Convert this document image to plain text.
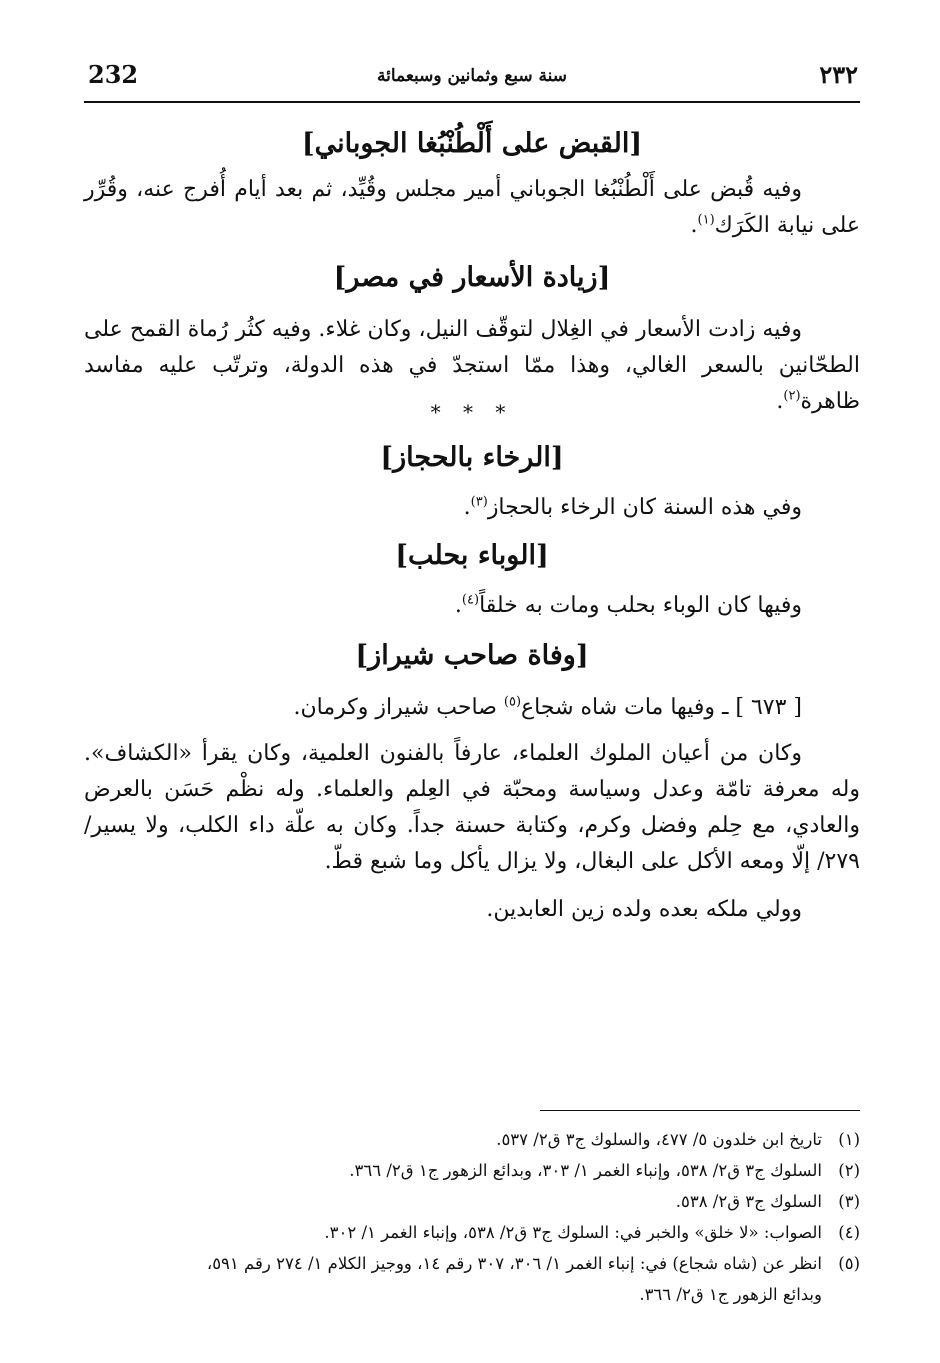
232	سنة سبع وثمانين وسبعمائة	٢٣٢
[القبض على أَلْطُنْبُغا الجوباني]
وفيه قُبض على أَلْطُنْبُغا الجوباني أمير مجلس وقُيِّد، ثم بعد أيام أُفرج عنه، وقُرِّر على نيابة الكَرَك$^{(١)}$.
[زيادة الأسعار في مصر]
وفيه زادت الأسعار في الغِلال لتوقّف النيل، وكان غلاء. وفيه كثُر رُماة القمح على الطحّانين بالسعر الغالي، وهذا ممّا استجدّ في هذه الدولة، وترتّب عليه مفاسد ظاهرة$^{(٢)}$.
* * *
[الرخاء بالحجاز]
وفي هذه السنة كان الرخاء بالحجاز$^{(٣)}$.
[الوباء بحلب]
وفيها كان الوباء بحلب ومات به خلقاً$^{(٤)}$.
[وفاة صاحب شيراز]
[ ٦٧٣ ] ـ وفيها مات شاه شجاع$^{(٥)}$ صاحب شيراز وكرمان.
وكان من أعيان الملوك العلماء، عارفاً بالفنون العلمية، وكان يقرأ «الكشاف». وله معرفة تامّة وعدل وسياسة ومحبّة في العِلم والعلماء. وله نظْم حَسَن بالعرض والعادي، مع حِلم وفضل وكرم، وكتابة حسنة جداً. وكان به علّة داء الكلب، ولا يسير/ ٢٧٩/ إلّا ومعه الأكل على البغال، ولا يزال يأكل وما شبع قطّ.
وولي ملكه بعده ولده زين العابدين.
(١)تاريخ ابن خلدون ٥/ ٤٧٧، والسلوك ج٣ ق٢/ ٥٣٧.
(٢)السلوك ج٣ ق٢/ ٥٣٨، وإنباء الغمر ١/ ٣٠٣، وبدائع الزهور ج١ ق٢/ ٣٦٦.
(٣)السلوك ج٣ ق٢/ ٥٣٨.
(٤)الصواب: «لا خلق» والخبر في: السلوك ج٣ ق٢/ ٥٣٨، وإنباء الغمر ١/ ٣٠٢.
(٥)انظر عن (شاه شجاع) في: إنباء الغمر ١/ ٣٠٦، ٣٠٧ رقم ١٤، ووجيز الكلام ١/ ٢٧٤ رقم ٥٩١،
وبدائع الزهور ج١ ق٢/ ٣٦٦.
